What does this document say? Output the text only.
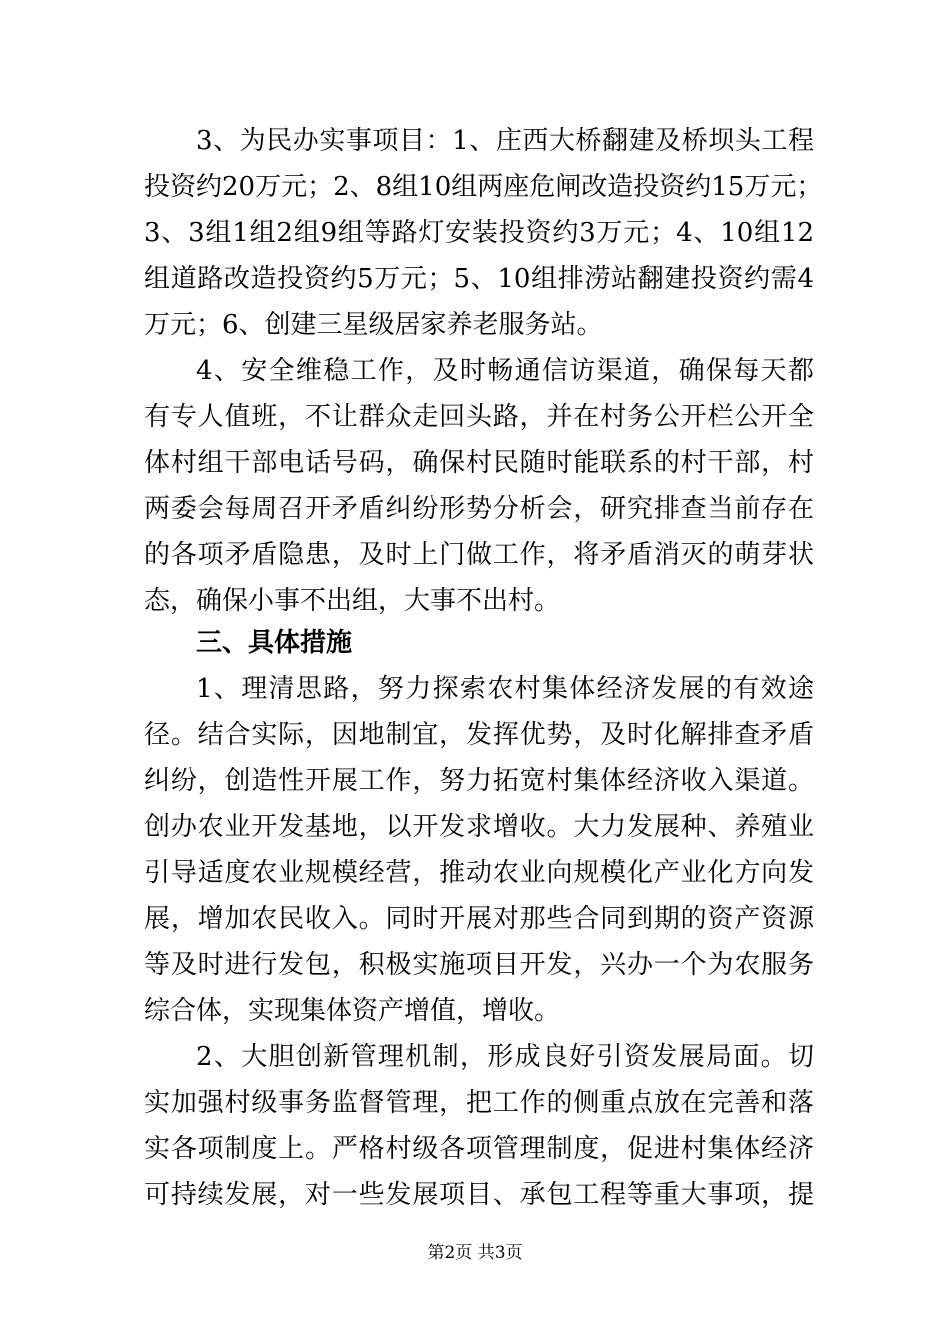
3、为民办实事项目：1、庄西大桥翻建及桥坝头工程
投资约20万元；2、8组10组两座危闸改造投资约15万元；
3、3组1组2组9组等路灯安装投资约3万元；4、10组12
组道路改造投资约5万元；5、10组排涝站翻建投资约需4
万元；6、创建三星级居家养老服务站。
4、安全维稳工作，及时畅通信访渠道，确保每天都
有专人值班，不让群众走回头路，并在村务公开栏公开全
体村组干部电话号码，确保村民随时能联系的村干部，村
两委会每周召开矛盾纠纷形势分析会，研究排查当前存在
的各项矛盾隐患，及时上门做工作，将矛盾消灭的萌芽状
态，确保小事不出组，大事不出村。
三、具体措施
1、理清思路，努力探索农村集体经济发展的有效途
径。结合实际，因地制宜，发挥优势，及时化解排查矛盾
纠纷，创造性开展工作，努力拓宽村集体经济收入渠道。
创办农业开发基地，以开发求增收。大力发展种、养殖业
引导适度农业规模经营，推动农业向规模化产业化方向发
展，增加农民收入。同时开展对那些合同到期的资产资源
等及时进行发包，积极实施项目开发，兴办一个为农服务
综合体，实现集体资产增值，增收。
2、大胆创新管理机制，形成良好引资发展局面。切
实加强村级事务监督管理，把工作的侧重点放在完善和落
实各项制度上。严格村级各项管理制度，促进村集体经济
可持续发展，对一些发展项目、承包工程等重大事项，提
第2页 共3页
